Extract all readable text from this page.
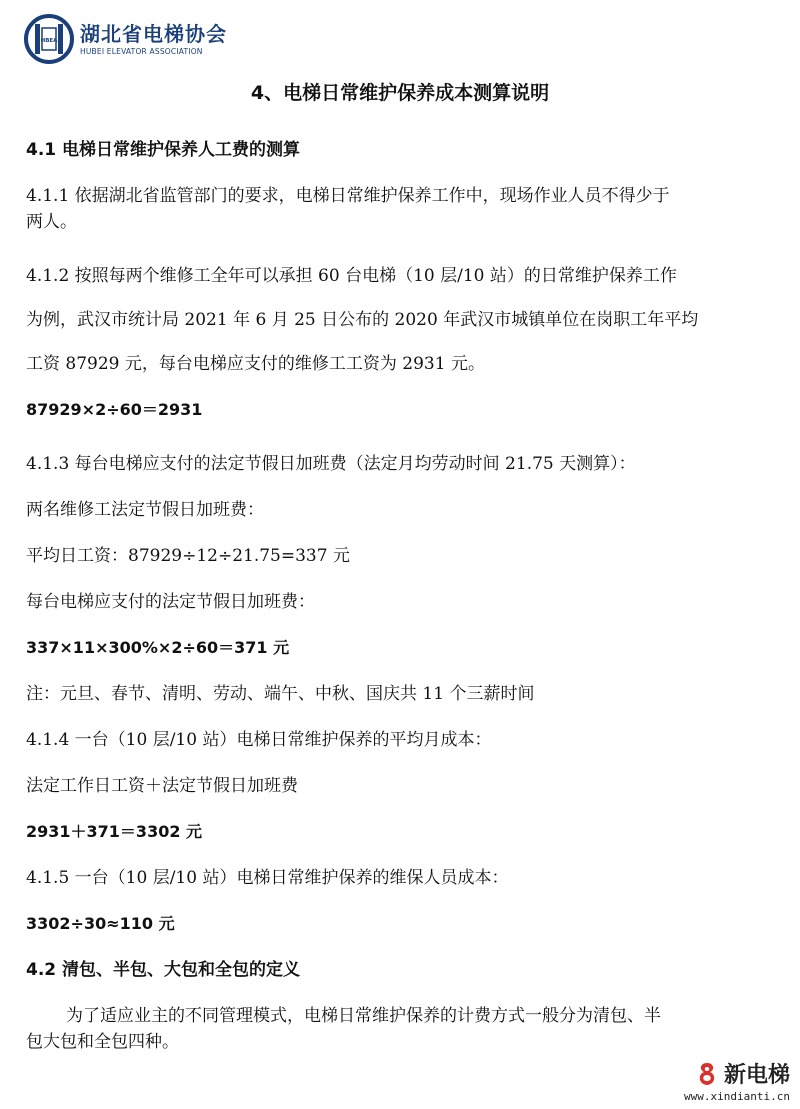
HBEA 湖北省电梯协会
HUBEI ELEVATOR ASSOCIATION
4、电梯日常维护保养成本测算说明
4.1 电梯日常维护保养人工费的测算
4.1.1 依据湖北省监管部门的要求，电梯日常维护保养工作中，现场作业人员不得少于
两人。
4.1.2 按照每两个维修工全年可以承担 60 台电梯（10 层/10 站）的日常维护保养工作
为例，武汉市统计局 2021 年 6 月 25 日公布的 2020 年武汉市城镇单位在岗职工年平均
工资 87929 元，每台电梯应支付的维修工工资为 2931 元。
87929×2÷60＝2931
4.1.3 每台电梯应支付的法定节假日加班费（法定月均劳动时间 21.75 天测算）：
两名维修工法定节假日加班费：
平均日工资：87929÷12÷21.75=337 元
每台电梯应支付的法定节假日加班费：
337×11×300%×2÷60＝371 元
注：元旦、春节、清明、劳动、端午、中秋、国庆共 11 个三薪时间
4.1.4 一台（10 层/10 站）电梯日常维护保养的平均月成本：
法定工作日工资＋法定节假日加班费
2931＋371＝3302 元
4.1.5 一台（10 层/10 站）电梯日常维护保养的维保人员成本：
3302÷30≈110 元
4.2 清包、半包、大包和全包的定义
为了适应业主的不同管理模式，电梯日常维护保养的计费方式一般分为清包、半
包大包和全包四种。
新电梯
www.xindianti.cn
